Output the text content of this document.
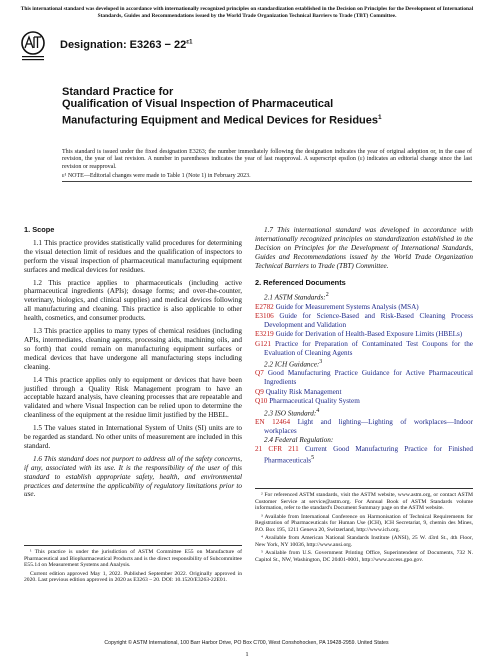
This international standard was developed in accordance with internationally recognized principles on standardization established in the Decision on Principles for the Development of International Standards, Guides and Recommendations issued by the World Trade Organization Technical Barriers to Trade (TBT) Committee.
Designation: $E3263 - 22^{\varepsilon 1}$
Standard Practice for
Qualification of Visual Inspection of Pharmaceutical Manufacturing Equipment and Medical Devices for Residues$^1$
This standard is issued under the fixed designation E3263; the number immediately following the designation indicates the year of original adoption or, in the case of revision, the year of last revision. A number in parentheses indicates the year of last reapproval. A superscript epsilon (ε) indicates an editorial change since the last revision or reapproval.
ε¹ NOTE—Editorial changes were made to Table 1 (Note 1) in February 2023.
1. Scope

1.1 This practice provides statistically valid procedures for determining the visual detection limit of residues and the qualification of inspectors to perform the visual inspection of pharmaceutical manufacturing equipment surfaces and medical devices for residues.

1.2 This practice applies to pharmaceuticals (including active pharmaceutical ingredients (APIs); dosage forms; and over-the-counter, veterinary, biologics, and clinical supplies) and medical devices following all manufacturing and cleaning. This practice is also applicable to other health, cosmetics, and consumer products.

1.3 This practice applies to many types of chemical residues (including APIs, intermediates, cleaning agents, processing aids, machining oils, and so forth) that could remain on manufacturing equipment surfaces or medical devices that have undergone all manufacturing steps including cleaning.

1.4 This practice applies only to equipment or devices that have been justified through a Quality Risk Management program to have an acceptable hazard analysis, have cleaning processes that are repeatable and validated and where Visual Inspection can be relied upon to determine the cleanliness of the equipment at the residue limit justified by the HBEL.

1.5 The values stated in International System of Units (SI) units are to be regarded as standard. No other units of measurement are included in this standard.

1.6 This standard does not purport to address all of the safety concerns, if any, associated with its use. It is the responsibility of the user of this standard to establish appropriate safety, health, and environmental practices and determine the applicability of regulatory limitations prior to use.

1.7 This international standard was developed in accordance with internationally recognized principles on standardization established in the Decision on Principles for the Development of International Standards, Guides and Recommendations issued by the World Trade Organization Technical Barriers to Trade (TBT) Committee.

2. Referenced Documents

2.1 ASTM Standards:$^2$

E2782 Guide for Measurement Systems Analysis (MSA)
E3106 Guide for Science-Based and Risk-Based Cleaning Process Development and Validation
E3219 Guide for Derivation of Health-Based Exposure Limits (HBELs)
G121 Practice for Preparation of Contaminated Test Coupons for the Evaluation of Cleaning Agents

2.2 ICH Guidance:$^3$

Q7 Good Manufacturing Practice Guidance for Active Pharmaceutical Ingredients
Q9 Quality Risk Management
Q10 Pharmaceutical Quality System

2.3 ISO Standard:$^4$

EN 12464 Light and lighting—Lighting of workplaces—Indoor workplaces

2.4 Federal Regulation:

21 CFR 211 Current Good Manufacturing Practice for Finished Pharmaceuticals$^5$

¹ This practice is under the jurisdiction of ASTM Committee E55 on Manufacture of Pharmaceutical and Biopharmaceutical Products and is the direct responsibility of Subcommittee E55.14 on Measurement Systems and Analysis.

Current edition approved May 1, 2022. Published September 2022. Originally approved in 2020. Last previous edition approved in 2020 as E3263 – 20. DOI: 10.1520/E3263-22E01.

² For referenced ASTM standards, visit the ASTM website, www.astm.org, or contact ASTM Customer Service at service@astm.org. For Annual Book of ASTM Standards volume information, refer to the standard's Document Summary page on the ASTM website.

³ Available from International Conference on Harmonisation of Technical Requirements for Registration of Pharmaceuticals for Human Use (ICH), ICH Secretariat, 9, chemin des Mines, P.O. Box 195, 1211 Geneva 20, Switzerland, http://www.ich.org.

⁴ Available from American National Standards Institute (ANSI), 25 W. 43rd St., 4th Floor, New York, NY 10036, http://www.ansi.org.

⁵ Available from U.S. Government Printing Office, Superintendent of Documents, 732 N. Capitol St., NW, Washington, DC 20401-0001, http://www.access.gpo.gov.

Copyright © ASTM International, 100 Barr Harbor Drive, PO Box C700, West Conshohocken, PA 19428-2959. United States
1
